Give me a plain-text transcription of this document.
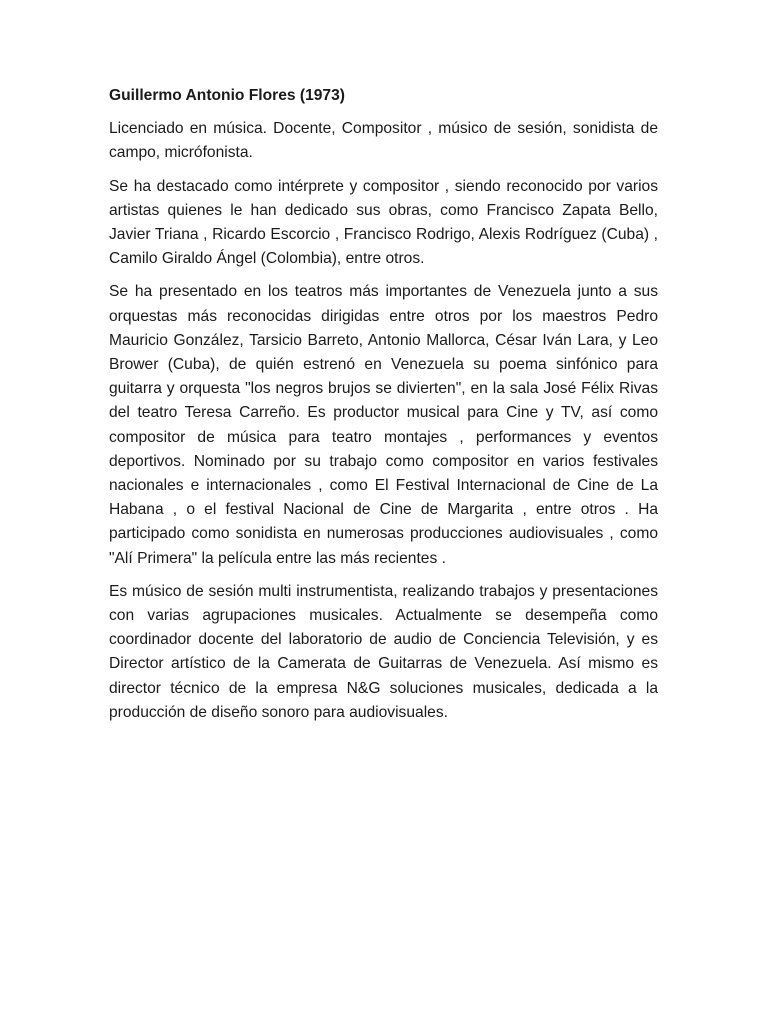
Guillermo Antonio Flores (1973)

Licenciado en música. Docente, Compositor , músico de sesión, sonidista de campo, micrófonista.

Se ha destacado como intérprete y compositor , siendo reconocido por varios artistas quienes le han dedicado sus obras, como Francisco Zapata Bello, Javier Triana , Ricardo Escorcio , Francisco Rodrigo, Alexis Rodríguez (Cuba) , Camilo Giraldo Ángel (Colombia), entre otros.

Se ha presentado en los teatros más importantes de Venezuela junto a sus orquestas más reconocidas dirigidas entre otros por los maestros Pedro Mauricio González, Tarsicio Barreto, Antonio Mallorca, César Iván Lara, y Leo Brower (Cuba), de quién estrenó en Venezuela su poema sinfónico para guitarra y orquesta "los negros brujos se divierten", en la sala José Félix Rivas del teatro Teresa Carreño. Es productor musical para Cine y TV, así como compositor de música para teatro montajes , performances y eventos deportivos. Nominado por su trabajo como compositor en varios festivales nacionales e internacionales , como El Festival Internacional de Cine de La Habana , o el festival Nacional de Cine de Margarita , entre otros . Ha participado como sonidista en numerosas producciones audiovisuales , como "Alí Primera" la película entre las más recientes .

Es músico de sesión multi instrumentista, realizando trabajos y presentaciones con varias agrupaciones musicales. Actualmente se desempeña como coordinador docente del laboratorio de audio de Conciencia Televisión, y es Director artístico de la Camerata de Guitarras de Venezuela. Así mismo es director técnico de la empresa N&G soluciones musicales, dedicada a la producción de diseño sonoro para audiovisuales.
